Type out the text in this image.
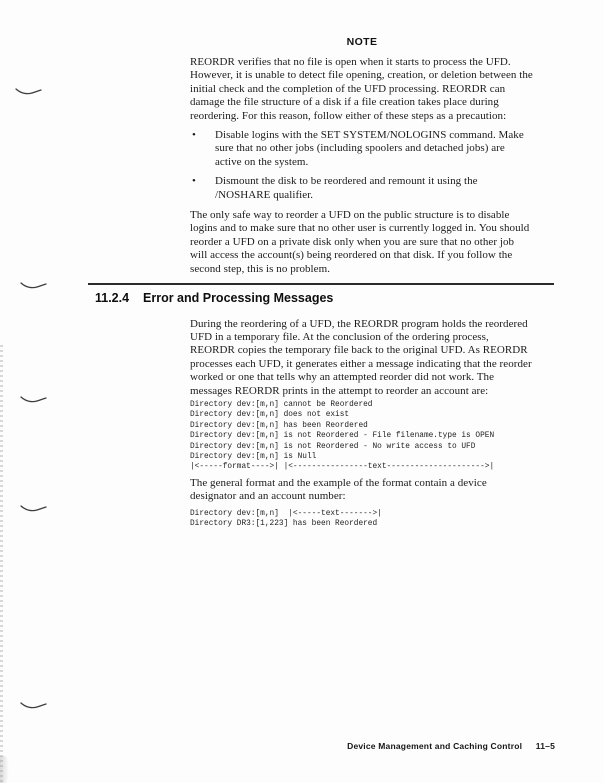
NOTE

REORDR verifies that no file is open when it starts to process the UFD. However, it is unable to detect file opening, creation, or deletion between the initial check and the completion of the UFD processing. REORDR can damage the file structure of a disk if a file creation takes place during reordering. For this reason, follow either of these steps as a precaution:

• Disable logins with the SET SYSTEM/NOLOGINS command. Make sure that no other jobs (including spoolers and detached jobs) are active on the system.
• Dismount the disk to be reordered and remount it using the /NOSHARE qualifier.

The only safe way to reorder a UFD on the public structure is to disable logins and to make sure that no other user is currently logged in. You should reorder a UFD on a private disk only when you are sure that no other job will access the account(s) being reordered on that disk. If you follow the second step, this is no problem.

11.2.4	Error and Processing Messages

During the reordering of a UFD, the REORDR program holds the reordered UFD in a temporary file. At the conclusion of the ordering process, REORDR copies the temporary file back to the original UFD. As REORDR processes each UFD, it generates either a message indicating that the reorder worked or one that tells why an attempted reorder did not work. The messages REORDR prints in the attempt to reorder an account are:

Directory dev:[m,n] cannot be Reordered
Directory dev:[m,n] does not exist
Directory dev:[m,n] has been Reordered
Directory dev:[m,n] is not Reordered - File filename.type is OPEN
Directory dev:[m,n] is not Reordered - No write access to UFD
Directory dev:[m,n] is Null
|<-----format---->| |<----------------text--------------------->|

The general format and the example of the format contain a device designator and an account number:

Directory dev:[m,n]  |<-----text------->|
Directory DR3:[1,223] has been Reordered
Device Management and Caching Control 11–5
